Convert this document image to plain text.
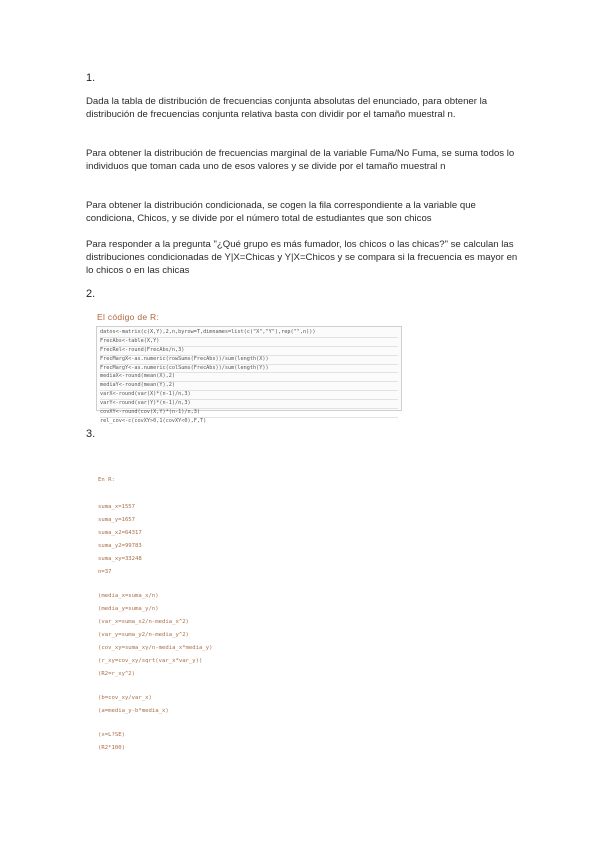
1.
Dada la tabla de distribución de frecuencias conjunta absolutas del enunciado, para obtener la distribución de frecuencias conjunta relativa basta con dividir por el tamaño muestral n.
Para obtener la distribución de frecuencias marginal de la variable Fuma/No Fuma, se suma todos lo individuos que toman cada uno de esos valores y se divide por el tamaño muestral n
Para obtener la distribución condicionada, se cogen la fila correspondiente a la variable que condiciona, Chicos, y se divide por el número total de estudiantes que son chicos
Para responder a la pregunta "¿Qué grupo es más fumador, los chicos o las chicas?" se calculan las distribuciones condicionadas de Y|X=Chicas y Y|X=Chicos y se compara si la frecuencia es mayor en lo chicos o en las chicas
2.
El código de R:
datos<-matrix(c(X,Y),2,n,byrow=T,dimnames=list(c("X","Y"),rep("",n)))
FrecAbs<-table(X,Y)
FrecRel<-round(FrecAbs/n,3)
FrecMargX<-as.numeric(rowSums(FrecAbs))/sum(length(X))
FrecMargY<-as.numeric(colSums(FrecAbs))/sum(length(Y))
mediaX<-round(mean(X),2)
mediaY<-round(mean(Y),2)
varX<-round(var(X)*(n-1)/n,3)
varY<-round(var(Y)*(n-1)/n,3)
covXY<-round(cov(X,Y)*(n-1)/n,3)
rel_cov<-c(covXY>0,1(covXY<0),F,T)
3.
En R:
suma_x=1557
suma_y=1657
suma_x2=64317
suma_y2=99783
suma_xy=33248
n=37
(media_x=suma_x/n)
(media_y=suma_y/n)
(var_x=suma_x2/n-media_x^2)
(var_y=suma_y2/n-media_y^2)
(cov_xy=suma_xy/n-media_x*media_y)
(r_xy=cov_xy/sqrt(var_x*var_y))
(R2=r_xy^2)
(b=cov_xy/var_x)
(a=media_y-b*media_x)
(x=L?SE)
(R2*100)
